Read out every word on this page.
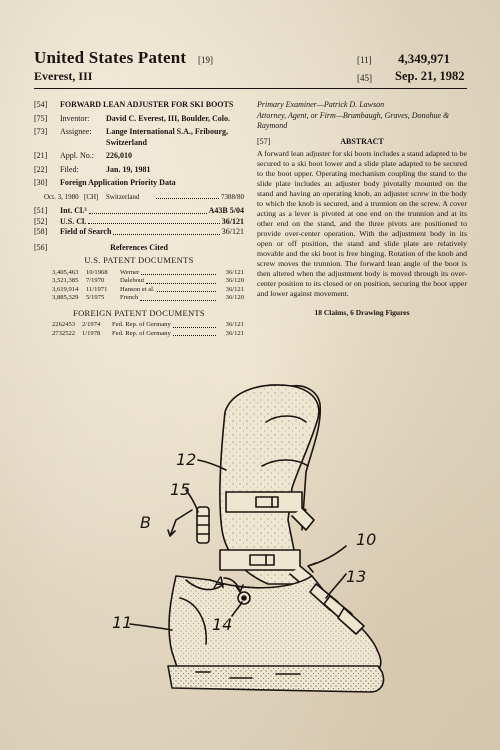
United States Patent [19]	[11] 4,349,971
Everest, III	[45] Sep. 21, 1982
[54] FORWARD LEAN ADJUSTER FOR SKI BOOTS
[75] Inventor: David C. Everest, III, Boulder, Colo.
[73] Assignee: Lange International S.A., Fribourg, Switzerland
[21] Appl. No.: 226,010
[22] Filed:	Jan. 19, 1981
[30] Foreign Application Priority Data
Oct. 3, 1980 [CH]	Switzerland	7388/80
[51]	Int. Cl.³	A43B 5/04
[52]	U.S. Cl.	36/121
[58]	Field of Search	36/121
[56]	References Cited
U.S. PATENT DOCUMENTS
3,405,463	10/1968	Werner	36/121
3,521,385	7/1970	Dalebout	36/120
3,619,914	11/1971	Hanson et al.	36/121
3,885,329	5/1975	French	36/120
FOREIGN PATENT DOCUMENTS
2262453	2/1974	Fed. Rep. of Germany	36/121
2732522	1/1978	Fed. Rep. of Germany	36/121
Primary Examiner—Patrick D. Lawson
Attorney, Agent, or Firm—Brumbaugh, Graves, Donohue & Raymond
[57]	ABSTRACT
A forward lean adjuster for ski boots includes a stand adapted to be secured to a ski boot lower and a slide plate adapted to be secured to the boot upper. Operating mechanism coupling the stand to the slide plate includes an adjuster body pivotally mounted on the stand and having an operating knob, an adjuster screw in the body to which the knob is secured, and a trunnion on the screw. A cover acting as a lever is pivoted at one end on the trunnion and at its other end on the stand, and the three pivots are positioned to provide over-center operation. With the adjustment body in its open or off position, the stand and slide plate are relatively movable and the ski boot is free hinging. Rotation of the knob and screw moves the trunnion. The forward lean angle of the boot is then altered when the adjustment body is moved through its over-center position to its closed or on position, securing the boot upper and lower against movement.
18 Claims, 6 Drawing Figures
12
15
B
10
A	13
11	14
